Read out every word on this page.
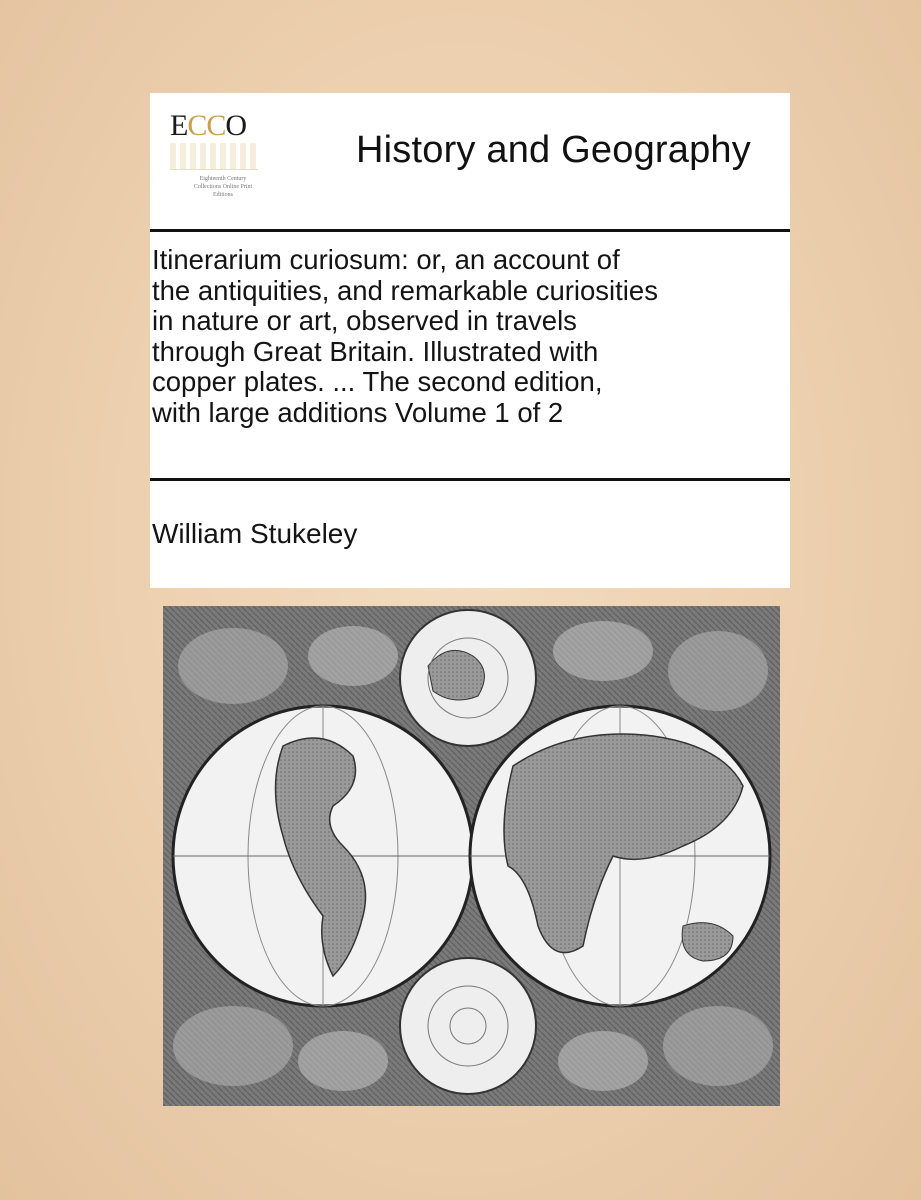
ECCO
Eighteenth Century Collections Online Print Editions
History and Geography
Itinerarium curiosum: or, an account of
the antiquities, and remarkable curiosities
in nature or art, observed in travels
through Great Britain. Illustrated with
copper plates. ... The second edition,
with large additions Volume 1 of 2
William Stukeley
